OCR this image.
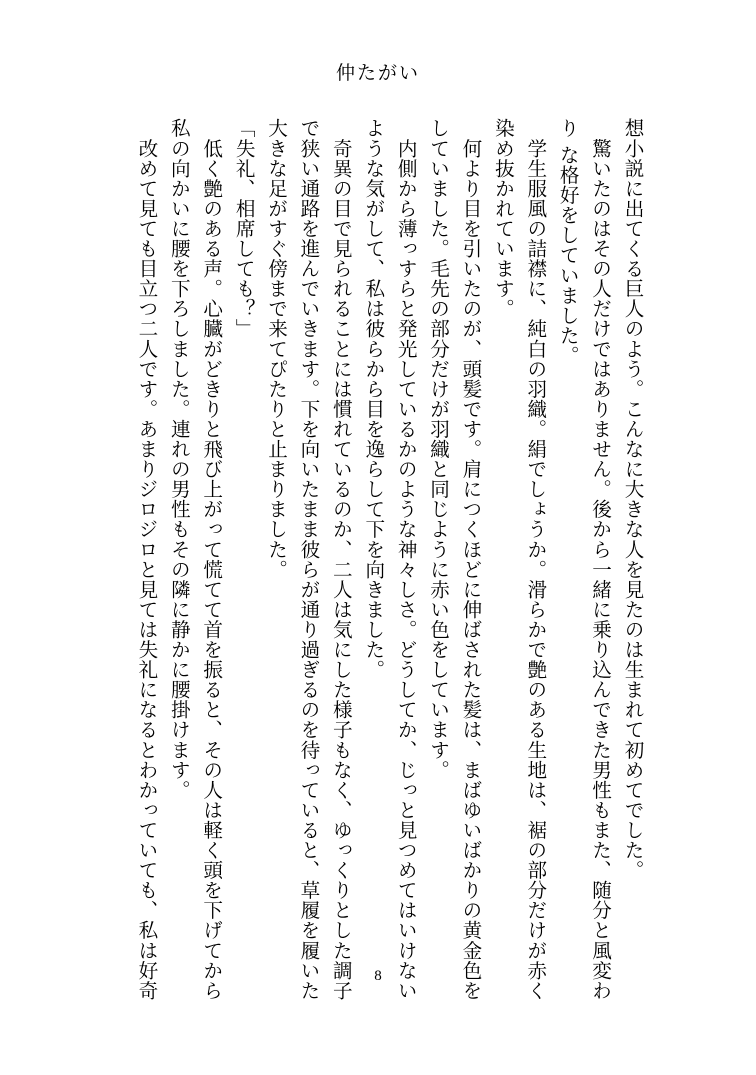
仲たがい
想小説に出てくる巨人のよう。こんなに大きな人を見たのは生まれて初めてでした。
　驚いたのはその人だけではありません。後から一緒に乗り込んできた男性もまた、随分と風変わ
り な格好をしていました。
　学生服風の詰襟に、純白の羽織。絹でしょうか。滑らかで艶のある生地は、裾の部分だけが赤く
染め抜かれています。
　何より目を引いたのが、頭髪です。肩につくほどに伸ばされた髪は、まばゆいばかりの黄金色を
していました。毛先の部分だけが羽織と同じように赤い色をしています。
　内側から薄っすらと発光しているかのような神々しさ。どうしてか、じっと見つめてはいけない
ような気がして、私は彼らから目を逸らして下を向きました。
　奇異の目で見られることには慣れているのか、二人は気にした様子もなく、ゆっくりとした調子
で狭い通路を進んでいきます。下を向いたまま彼らが通り過ぎるのを待っていると、草履を履いた
大きな足がすぐ傍まで来てぴたりと止まりました。
「失礼、相席しても？」
　低く艶のある声。心臓がどきりと飛び上がって慌てて首を振ると、その人は軽く頭を下げてから
私の向かいに腰を下ろしました。連れの男性もその隣に静かに腰掛けます。
　改めて見ても目立つ二人です。あまりジロジロと見ては失礼になるとわかっていても、私は好奇	8
